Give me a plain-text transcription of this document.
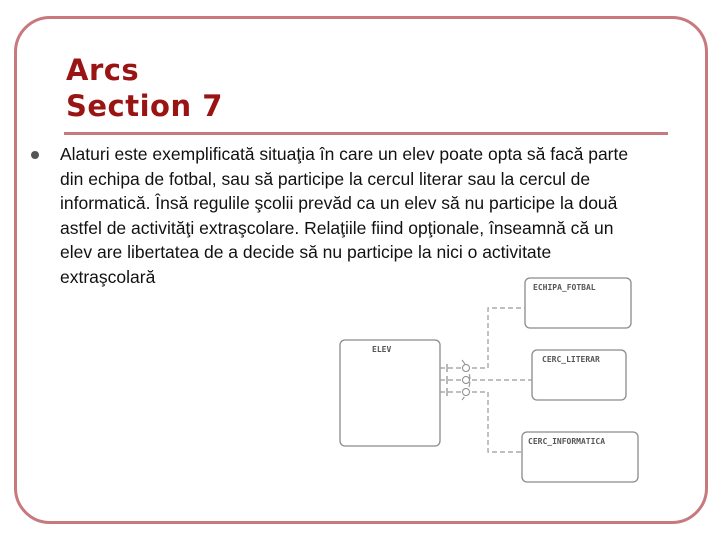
Arcs
Section 7

Alaturi este exemplificată situaţia în care un elev poate opta să facă parte din echipa de fotbal, sau să participe la cercul literar sau la cercul de informatică. Însă regulile şcolii prevăd ca un elev să nu participe la două astfel de activităţi extraşcolare. Relaţiile fiind opţionale, înseamnă că un elev are libertatea de a decide să nu participe la nici o activitate extraşcolară

ECHIPA_FOTBAL
ELEV
CERC_LITERAR
CERC_INFORMATICA
